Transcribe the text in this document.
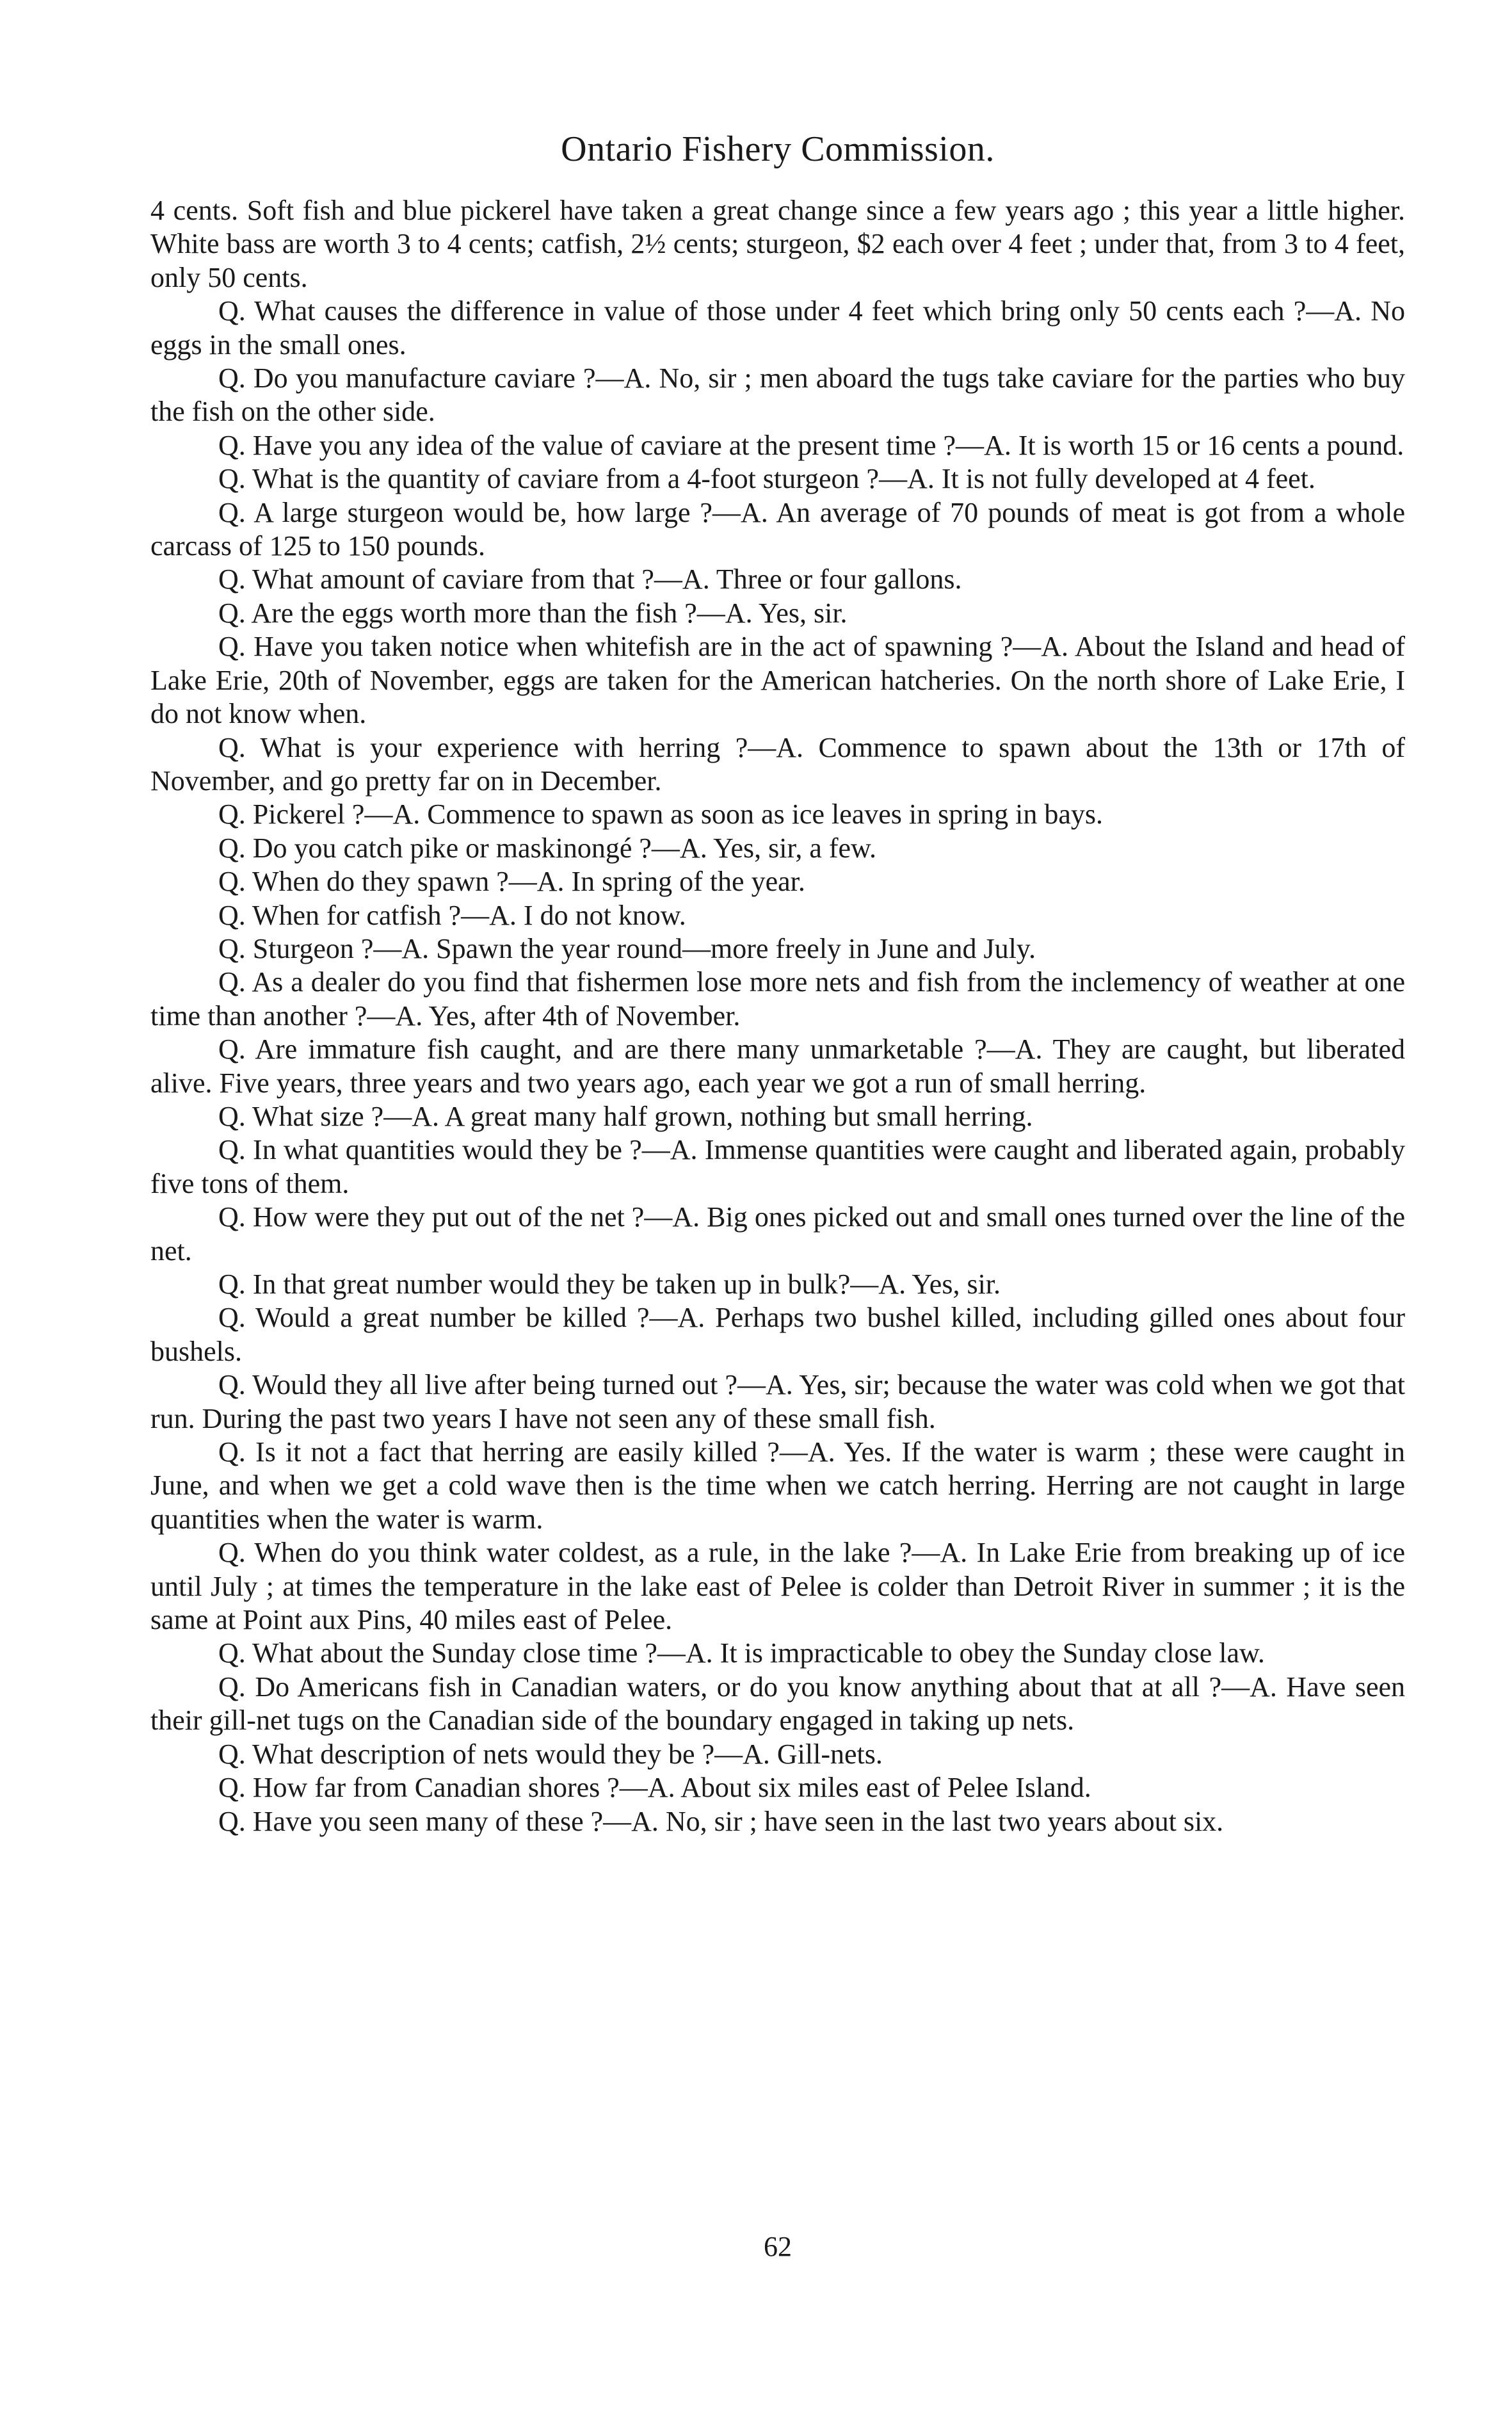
Ontario Fishery Commission.

4 cents. Soft fish and blue pickerel have taken a great change since a few years ago ; this year a little higher. White bass are worth 3 to 4 cents; catfish, 2½ cents; sturgeon, $2 each over 4 feet ; under that, from 3 to 4 feet, only 50 cents.

Q. What causes the difference in value of those under 4 feet which bring only 50 cents each ?—A. No eggs in the small ones.

Q. Do you manufacture caviare ?—A. No, sir ; men aboard the tugs take caviare for the parties who buy the fish on the other side.

Q. Have you any idea of the value of caviare at the present time ?—A. It is worth 15 or 16 cents a pound.

Q. What is the quantity of caviare from a 4-foot sturgeon ?—A. It is not fully developed at 4 feet.

Q. A large sturgeon would be, how large ?—A. An average of 70 pounds of meat is got from a whole carcass of 125 to 150 pounds.

Q. What amount of caviare from that ?—A. Three or four gallons.

Q. Are the eggs worth more than the fish ?—A. Yes, sir.

Q. Have you taken notice when whitefish are in the act of spawning ?—A. About the Island and head of Lake Erie, 20th of November, eggs are taken for the American hatcheries. On the north shore of Lake Erie, I do not know when.

Q. What is your experience with herring ?—A. Commence to spawn about the 13th or 17th of November, and go pretty far on in December.

Q. Pickerel ?—A. Commence to spawn as soon as ice leaves in spring in bays.

Q. Do you catch pike or maskinongé ?—A. Yes, sir, a few.

Q. When do they spawn ?—A. In spring of the year.

Q. When for catfish ?—A. I do not know.

Q. Sturgeon ?—A. Spawn the year round—more freely in June and July.

Q. As a dealer do you find that fishermen lose more nets and fish from the inclemency of weather at one time than another ?—A. Yes, after 4th of November.

Q. Are immature fish caught, and are there many unmarketable ?—A. They are caught, but liberated alive. Five years, three years and two years ago, each year we got a run of small herring.

Q. What size ?—A. A great many half grown, nothing but small herring.

Q. In what quantities would they be ?—A. Immense quantities were caught and liberated again, probably five tons of them.

Q. How were they put out of the net ?—A. Big ones picked out and small ones turned over the line of the net.

Q. In that great number would they be taken up in bulk?—A. Yes, sir.

Q. Would a great number be killed ?—A. Perhaps two bushel killed, including gilled ones about four bushels.

Q. Would they all live after being turned out ?—A. Yes, sir; because the water was cold when we got that run. During the past two years I have not seen any of these small fish.

Q. Is it not a fact that herring are easily killed ?—A. Yes. If the water is warm ; these were caught in June, and when we get a cold wave then is the time when we catch herring. Herring are not caught in large quantities when the water is warm.

Q. When do you think water coldest, as a rule, in the lake ?—A. In Lake Erie from breaking up of ice until July ; at times the temperature in the lake east of Pelee is colder than Detroit River in summer ; it is the same at Point aux Pins, 40 miles east of Pelee.

Q. What about the Sunday close time ?—A. It is impracticable to obey the Sunday close law.

Q. Do Americans fish in Canadian waters, or do you know anything about that at all ?—A. Have seen their gill-net tugs on the Canadian side of the boundary engaged in taking up nets.

Q. What description of nets would they be ?—A. Gill-nets.

Q. How far from Canadian shores ?—A. About six miles east of Pelee Island.

Q. Have you seen many of these ?—A. No, sir ; have seen in the last two years about six.

62
